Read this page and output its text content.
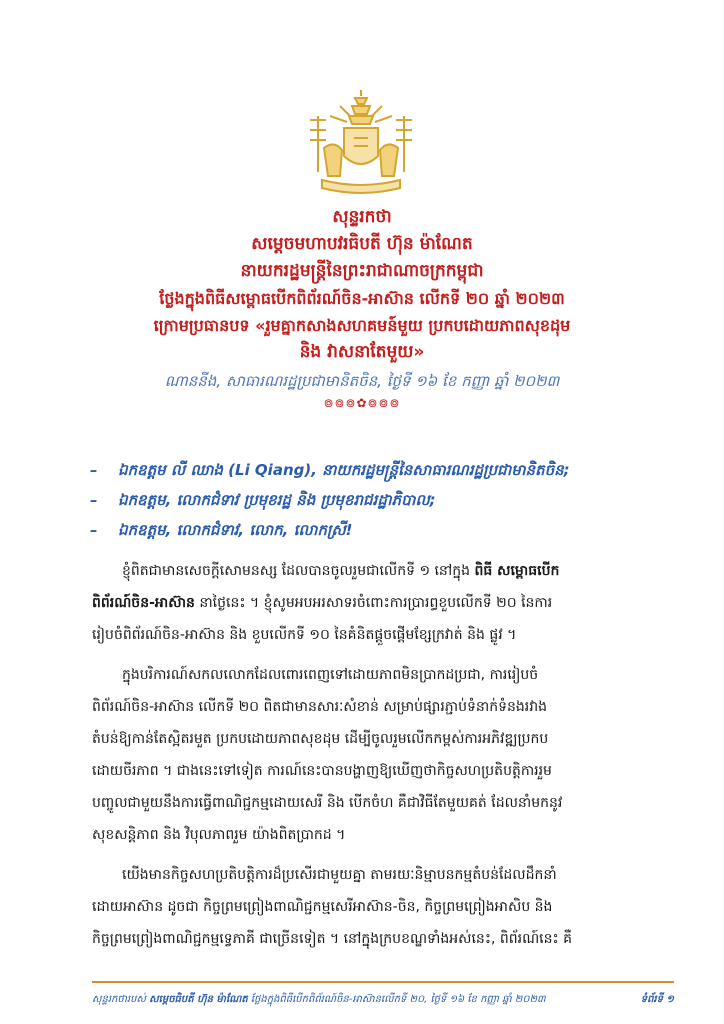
សុន្ទរកថា
សម្តេចមហាបវរធិបតី ហ៊ុន ម៉ាណែត
នាយករដ្ឋមន្ត្រីនៃព្រះរាជាណាចក្រកម្ពុជា
ថ្លែងក្នុងពិធីសម្ពោធបើកពិព័រណ៍ចិន-អាស៊ាន លើកទី ២០ ឆ្នាំ ២០២៣
ក្រោមប្រធានបទ «រួមគ្នាកសាងសហគមន៍មួយ ប្រកបដោយភាពសុខដុម
និង វាសនាតែមួយ»
ណាននីង, សាធារណរដ្ឋប្រជាមានិតចិន, ថ្ងៃទី ១៦ ខែ កញ្ញា ឆ្នាំ ២០២៣
៙៙៙✿៙៙៙
–	ឯកឧត្តម លី ឈាង (Li Qiang), នាយករដ្ឋមន្ត្រីនៃសាធារណរដ្ឋប្រជាមានិតចិន;
–	ឯកឧត្តម, លោកជំទាវ ប្រមុខរដ្ឋ និង ប្រមុខរាជរដ្ឋាភិបាល;
–	ឯកឧត្តម, លោកជំទាវ, លោក, លោកស្រី!
ខ្ញុំពិតជាមានសេចក្តីសោមនស្ស ដែលបានចូលរួមជាលើកទី ១ នៅក្នុង ពិធី សម្ពោធបើក
ពិព័រណ៍ចិន-អាស៊ាន នាថ្ងៃនេះ ។ ខ្ញុំសូមអបអរសាទរចំពោះការប្រារព្ធខួបលើកទី ២០ នៃការ
រៀបចំពិព័រណ៍ចិន-អាស៊ាន និង ខួបលើកទី ១០ នៃគំនិតផ្តួចផ្តើមខ្សែក្រវាត់ និង ផ្លូវ ។
ក្នុងបរិការណ៍សកលលោកដែលពោរពេញទៅដោយភាពមិនប្រាកដប្រជា, ការរៀបចំ
ពិព័រណ៍ចិន-អាស៊ាន លើកទី ២០ ពិតជាមានសារៈសំខាន់ សម្រាប់ផ្សារភ្ជាប់ទំនាក់ទំនងរវាង
តំបន់ឱ្យកាន់តែស្អិតរមួត ប្រកបដោយភាពសុខដុម ដើម្បីចូលរួមលើកកម្ពស់ការអភិវឌ្ឍប្រកប
ដោយចីរភាព ។ ជាងនេះទៅទៀត ការណ៍នេះបានបង្ហាញឱ្យឃើញថាកិច្ចសហប្រតិបត្តិការរួម
បញ្ចូលជាមួយនឹងការធ្វើពាណិជ្ជកម្មដោយសេរី និង បើកចំហ គឺជាវិធីតែមួយគត់ ដែលនាំមកនូវ
សុខសន្តិភាព និង វិបុលភាពរួម យ៉ាងពិតប្រាកដ ។
យើងមានកិច្ចសហប្រតិបត្តិការដ៏ប្រសើរជាមួយគ្នា តាមរយៈនិម្មាបនកម្មតំបន់ដែលដឹកនាំ
ដោយអាស៊ាន ដូចជា កិច្ចព្រមព្រៀងពាណិជ្ជកម្មសេរីអាស៊ាន-ចិន, កិច្ចព្រមព្រៀងអាសិប និង
កិច្ចព្រមព្រៀងពាណិជ្ជកម្មទ្វេភាគី ជាច្រើនទៀត ។ នៅក្នុងក្របខណ្ឌទាំងអស់នេះ, ពិព័រណ៍នេះ គឺ
សុន្ទរកថារបស់ សម្តេចធិបតី ហ៊ុន ម៉ាណែត ថ្លែងក្នុងពិធីបើកពិព័រណ៍ចិន-អាស៊ានលើកទី ២០, ថ្ងៃទី ១៦ ខែ កញ្ញា ឆ្នាំ ២០២៣	ទំព័រទី ១
